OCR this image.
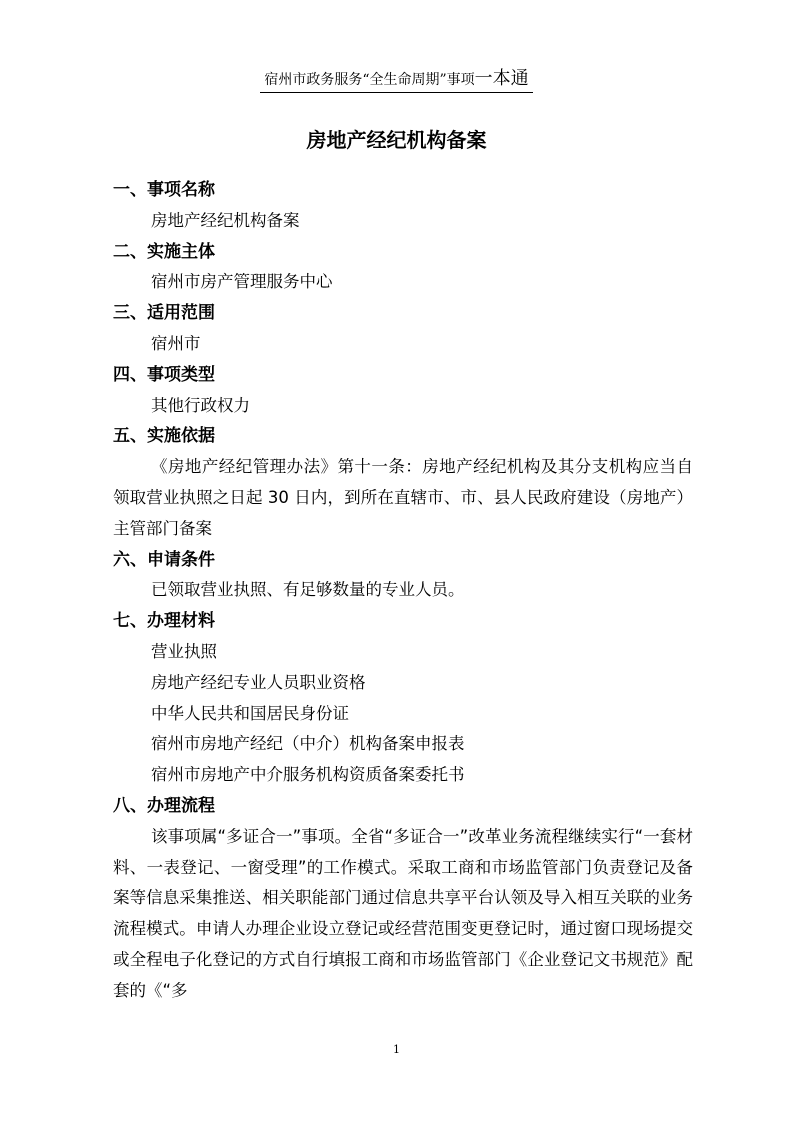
宿州市政务服务“全生命周期”事项一本通
房地产经纪机构备案
一、事项名称
房地产经纪机构备案
二、实施主体
宿州市房产管理服务中心
三、适用范围
宿州市
四、事项类型
其他行政权力
五、实施依据
《房地产经纪管理办法》第十一条：房地产经纪机构及其分支机构应当自领取营业执照之日起 30 日内，到所在直辖市、市、县人民政府建设（房地产）主管部门备案
六、申请条件
已领取营业执照、有足够数量的专业人员。
七、办理材料
营业执照
房地产经纪专业人员职业资格
中华人民共和国居民身份证
宿州市房地产经纪（中介）机构备案申报表
宿州市房地产中介服务机构资质备案委托书
八、办理流程
该事项属“多证合一”事项。全省“多证合一”改革业务流程继续实行“一套材料、一表登记、一窗受理”的工作模式。采取工商和市场监管部门负责登记及备案等信息采集推送、相关职能部门通过信息共享平台认领及导入相互关联的业务流程模式。申请人办理企业设立登记或经营范围变更登记时，通过窗口现场提交或全程电子化登记的方式自行填报工商和市场监管部门《企业登记文书规范》配套的《“多
1
